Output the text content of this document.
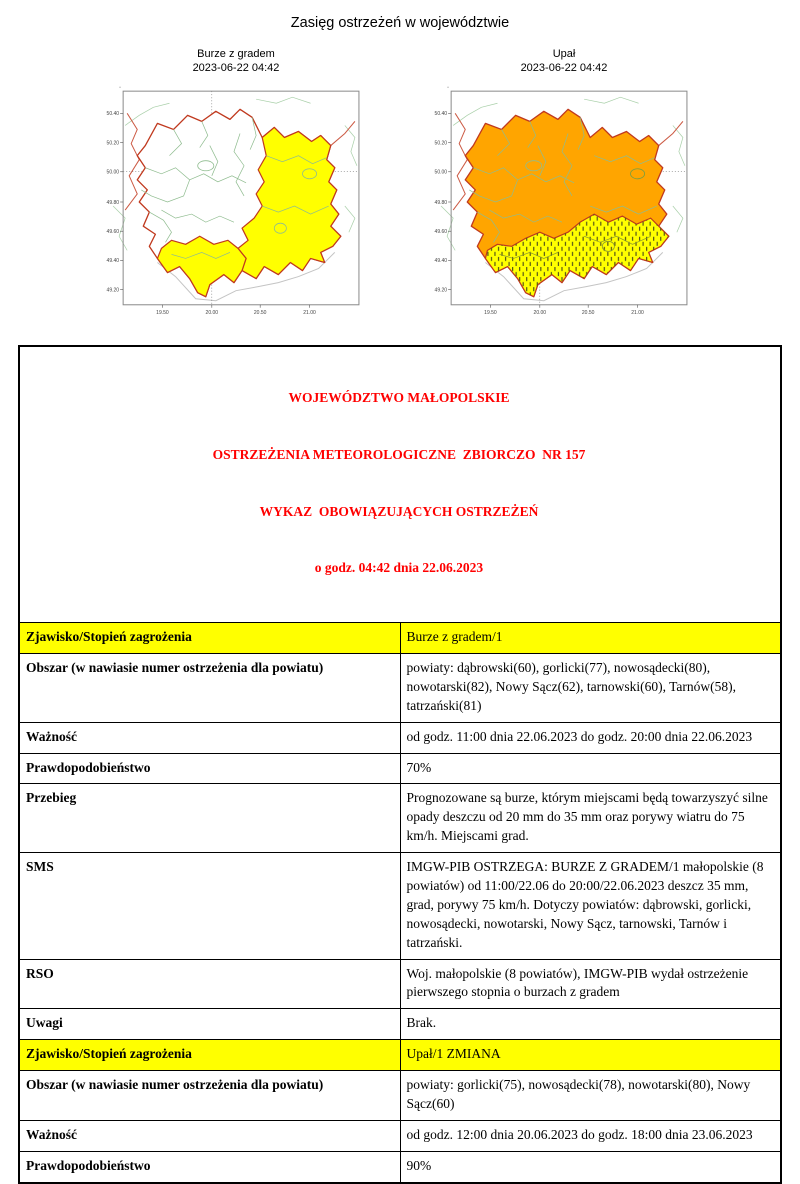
Zasięg ostrzeżeń w województwie
Burze z gradem
2023-06-22 04:42
°
19.50	20.00	20.50	21.00
50.40
50.20
50.00
49.80
49.60
49.40
49.20
Upał
2023-06-22 04:42
°
19.50	20.00	20.50	21.00
50.40
50.20
50.00
49.80
49.60
49.40
49.20

WOJEWÓDZTWO MAŁOPOLSKIE

OSTRZEŻENIA METEOROLOGICZNE  ZBIORCZO  NR 157

WYKAZ  OBOWIĄZUJĄCYCH OSTRZEŻEŃ

o godz. 04:42 dnia 22.06.2023	

Zjawisko/Stopień zagrożenia	Burze z gradem/1
Obszar (w nawiasie numer ostrzeżenia dla powiatu)	powiaty: dąbrowski(60), gorlicki(77), nowosądecki(80), nowotarski(82), Nowy Sącz(62), tarnowski(60), Tarnów(58), tatrzański(81)
Ważność	od godz. 11:00 dnia 22.06.2023 do godz. 20:00 dnia 22.06.2023
Prawdopodobieństwo	70%
Przebieg	Prognozowane są burze, którym miejscami będą towarzyszyć silne opady deszczu od 20 mm do 35 mm oraz porywy wiatru do 75 km/h. Miejscami grad.
SMS	IMGW-PIB OSTRZEGA: BURZE Z GRADEM/1 małopolskie (8 powiatów) od 11:00/22.06 do 20:00/22.06.2023 deszcz 35 mm, grad, porywy 75 km/h. Dotyczy powiatów: dąbrowski, gorlicki, nowosądecki, nowotarski, Nowy Sącz, tarnowski, Tarnów i tatrzański.
RSO	Woj. małopolskie (8 powiatów), IMGW-PIB wydał ostrzeżenie pierwszego stopnia o burzach z gradem
Uwagi	Brak.
Zjawisko/Stopień zagrożenia	Upał/1 ZMIANA
Obszar (w nawiasie numer ostrzeżenia dla powiatu)	powiaty: gorlicki(75), nowosądecki(78), nowotarski(80), Nowy Sącz(60)
Ważność	od godz. 12:00 dnia 20.06.2023 do godz. 18:00 dnia 23.06.2023
Prawdopodobieństwo	90%
